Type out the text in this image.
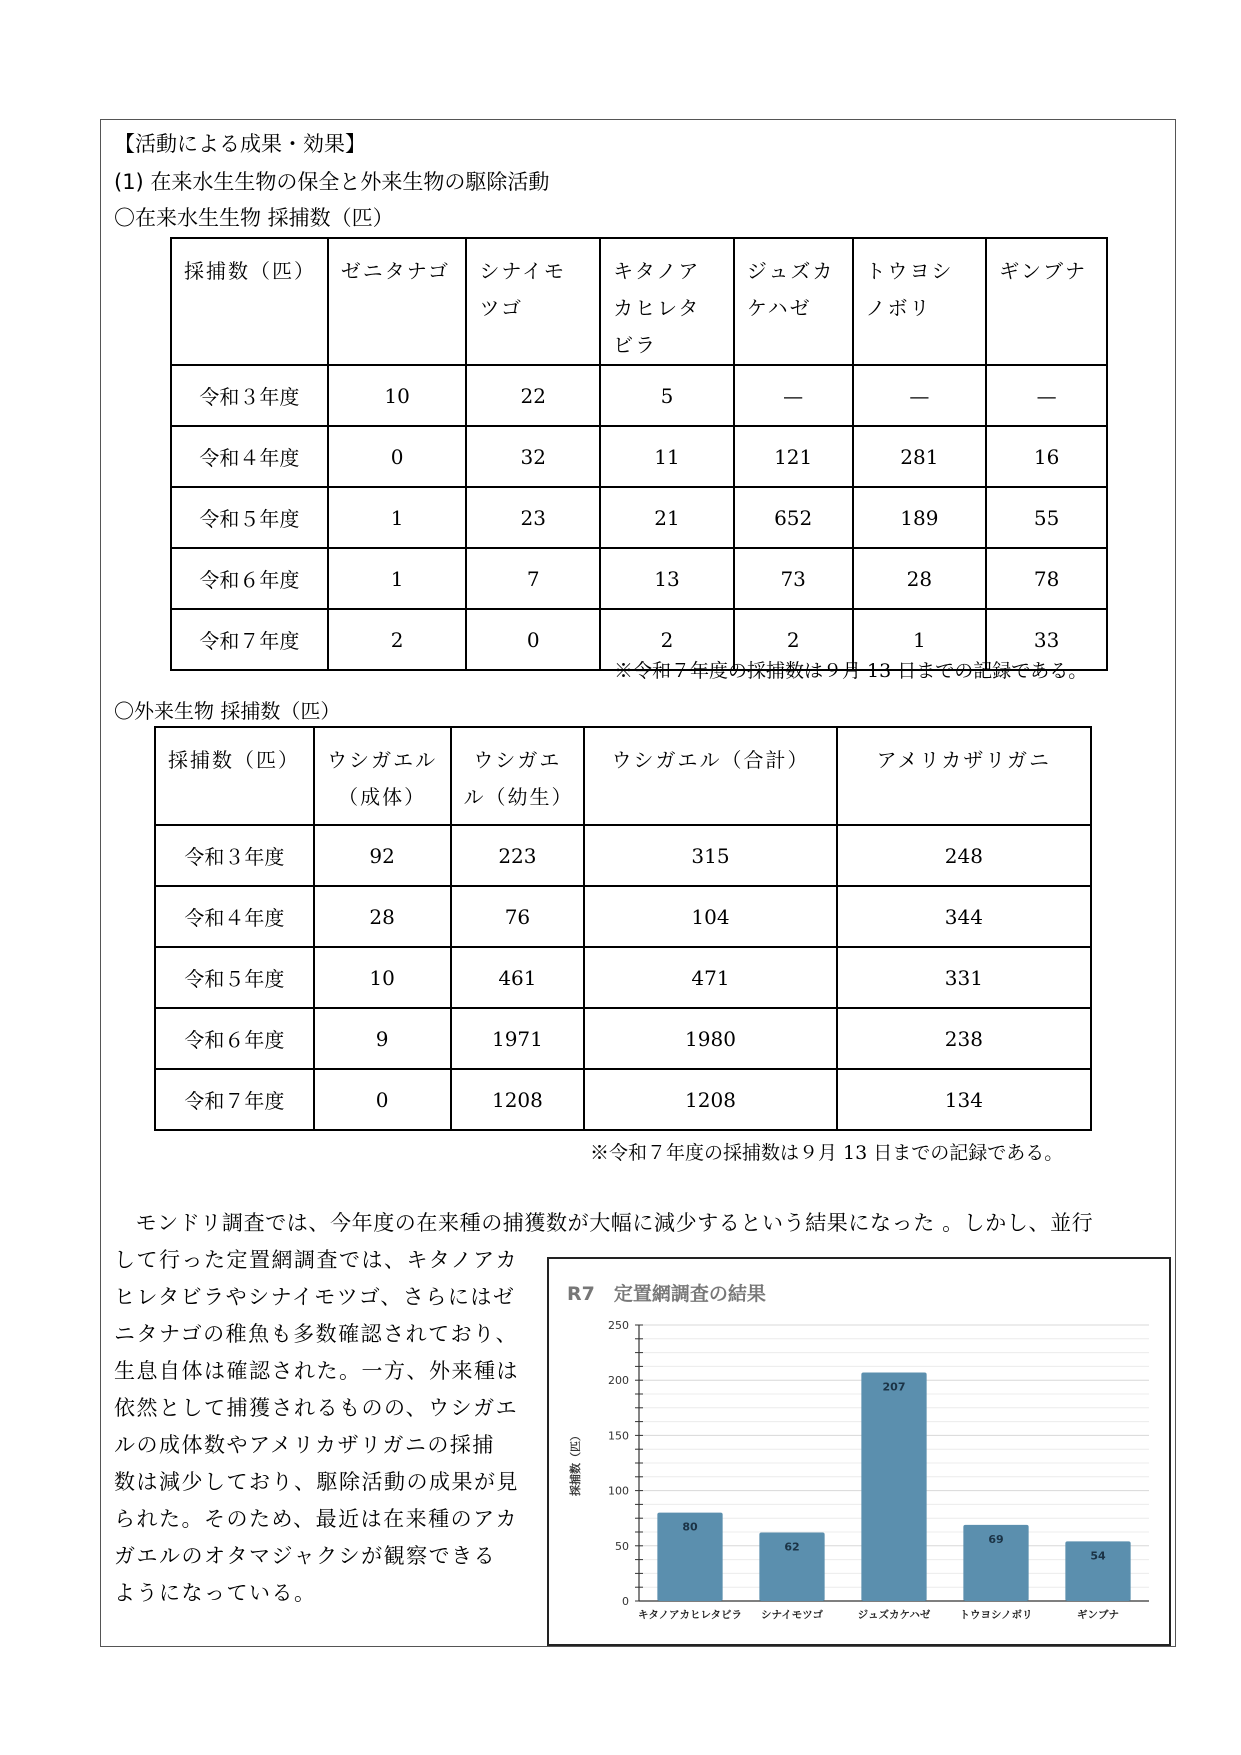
【活動による成果・効果】
(1) 在来水生生物の保全と外来生物の駆除活動
〇在来水生生物 採捕数（匹）
採捕数（匹）	ゼニタナゴ	シナイモツゴ	キタノアカヒレタビラ	ジュズカケハゼ	トウヨシノボリ	ギンブナ
令和３年度	10	22	5	—	—	—
令和４年度	0	32	11	121	281	16
令和５年度	1	23	21	652	189	55
令和６年度	1	7	13	73	28	78
令和７年度	2	0	2	2	1	33
※令和７年度の採捕数は９月 13 日までの記録である。
〇外来生物 採捕数（匹）
採捕数（匹）	ウシガエル（成体）	ウシガエル（幼生）	ウシガエル（合計）	アメリカザリガニ
令和３年度	92	223	315	248
令和４年度	28	76	104	344
令和５年度	10	461	471	331
令和６年度	9	1971	1980	238
令和７年度	0	1208	1208	134
※令和７年度の採捕数は９月 13 日までの記録である。
　モンドリ調査では、今年度の在来種の捕獲数が大幅に減少するという結果になった 。しかし、並行
して行った定置網調査では、キタノアカ
ヒレタビラやシナイモツゴ、さらにはゼ
ニタナゴの稚魚も多数確認されており、
生息自体は確認された。一方、外来種は
依然として捕獲されるものの、ウシガエ
ルの成体数やアメリカザリガニの採捕
数は減少しており、駆除活動の成果が見
られた。そのため、最近は在来種のアカ
ガエルのオタマジャクシが観察できる
ようになっている。
R7　定置網調査の結果
0
50
100
150
200
250
採捕数（匹）
80
キタノアカヒレタビラ
62
シナイモツゴ
207
ジュズカケハゼ
69
トウヨシノボリ
54
ギンブナ
